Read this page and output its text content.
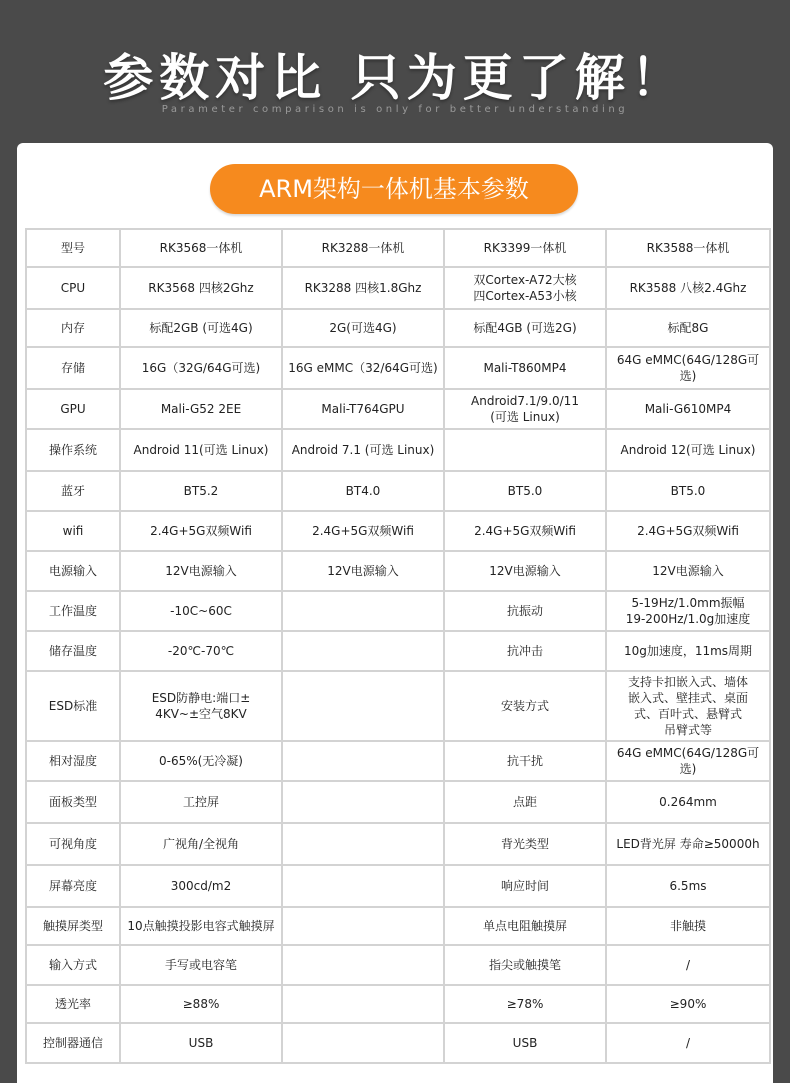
参数对比 只为更了解！
Parameter comparison is only for better understanding
ARM架构一体机基本参数
型号	RK3568一体机	RK3288一体机	RK3399一体机	RK3588一体机
CPU	RK3568 四核2Ghz	RK3288 四核1.8Ghz	双Cortex-A72大核
四Cortex-A53小核	RK3588 八核2.4Ghz
内存	标配2GB (可选4G)	2G(可选4G)	标配4GB (可选2G)	标配8G
存储	16G（32G/64G可选)	16G eMMC（32/64G可选)	Mali-T860MP4	64G eMMC(64G/128G可选)
GPU	Mali-G52 2EE	Mali-T764GPU	Android7.1/9.0/11
(可选 Linux)	Mali-G610MP4
操作系统	Android 11(可选 Linux)	Android 7.1 (可选 Linux)		Android 12(可选 Linux)
蓝牙	BT5.2	BT4.0	BT5.0	BT5.0
wifi	2.4G+5G双频Wifi	2.4G+5G双频Wifi	2.4G+5G双频Wifi	2.4G+5G双频Wifi
电源输入	12V电源输入	12V电源输入	12V电源输入	12V电源输入
工作温度	-10C~60C		抗振动	5-19Hz/1.0mm振幅
19-200Hz/1.0g加速度
储存温度	-20℃-70℃		抗冲击	10g加速度，11ms周期
ESD标准	ESD防静电:端口±
4KV~±空气8KV		安装方式	支持卡扣嵌入式、墙体
嵌入式、壁挂式、桌面
式、百叶式、悬臂式
吊臂式等
相对湿度	0-65%(无冷凝)		抗干扰	64G eMMC(64G/128G可选)
面板类型	工控屏		点距	0.264mm
可视角度	广视角/全视角		背光类型	LED背光屏 寿命≥50000h
屏幕亮度	300cd/m2		响应时间	6.5ms
触摸屏类型	10点触摸投影电容式触摸屏		单点电阻触摸屏	非触摸
输入方式	手写或电容笔		指尖或触摸笔	/
透光率	≥88%		≥78%	≥90%
控制器通信	USB		USB	/
